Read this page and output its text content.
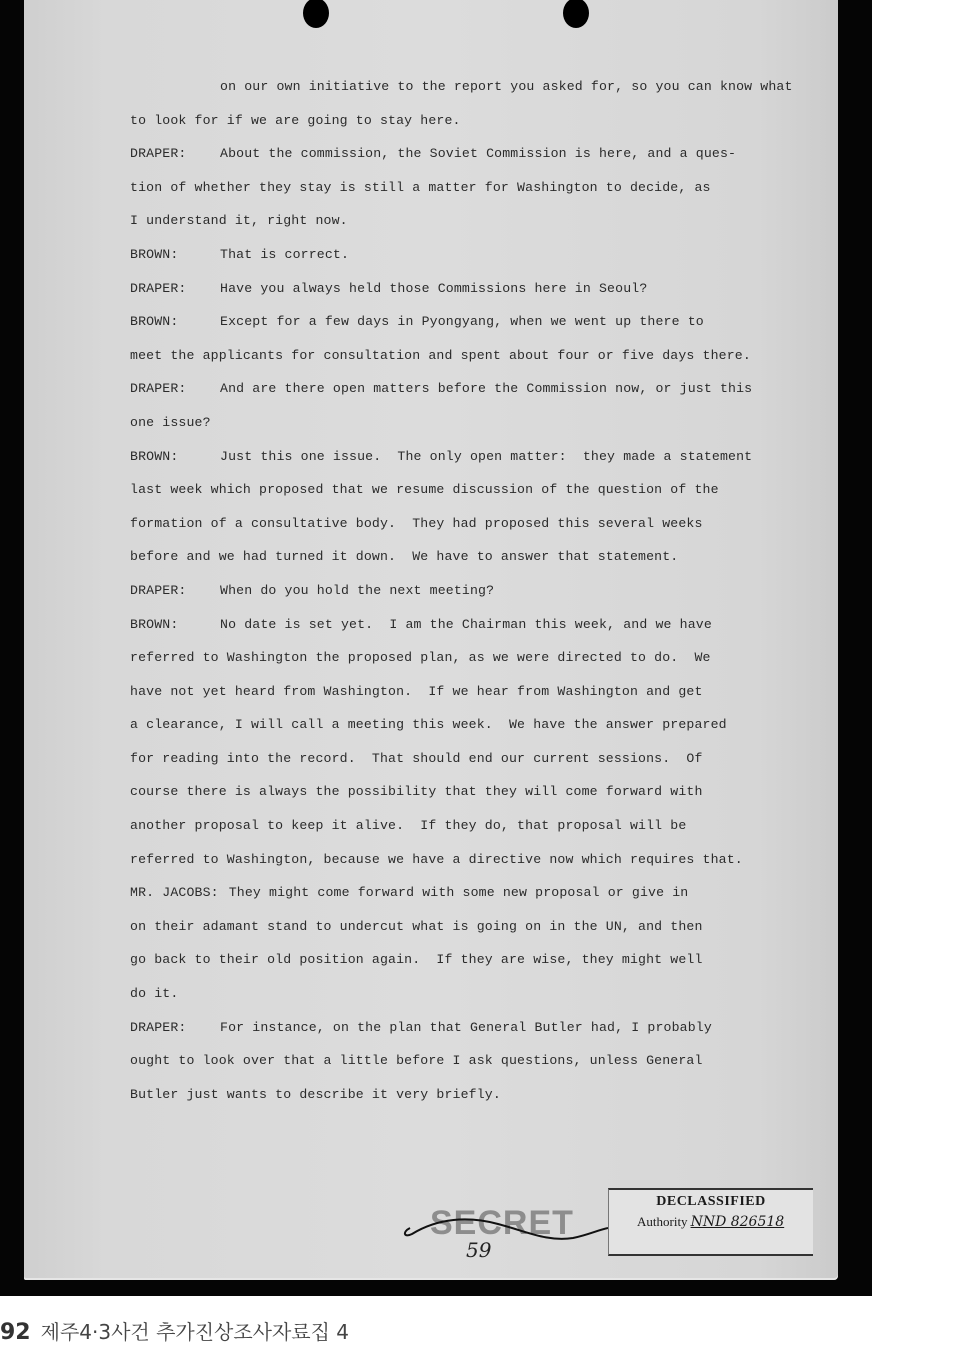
on our own initiative to the report you asked for, so you can know what
to look for if we are going to stay here.
DRAPER:	About the commission, the Soviet Commission is here, and a ques-
tion of whether they stay is still a matter for Washington to decide, as
I understand it, right now.
BROWN:	That is correct.
DRAPER:	Have you always held those Commissions here in Seoul?
BROWN:	Except for a few days in Pyongyang, when we went up there to
meet the applicants for consultation and spent about four or five days there.
DRAPER:	And are there open matters before the Commission now, or just this
one issue?
BROWN:	Just this one issue.  The only open matter:  they made a statement
last week which proposed that we resume discussion of the question of the
formation of a consultative body.  They had proposed this several weeks
before and we had turned it down.  We have to answer that statement.
DRAPER:	When do you hold the next meeting?
BROWN:	No date is set yet.  I am the Chairman this week, and we have
referred to Washington the proposed plan, as we were directed to do.  We
have not yet heard from Washington.  If we hear from Washington and get
a clearance, I will call a meeting this week.  We have the answer prepared
for reading into the record.  That should end our current sessions.  Of
course there is always the possibility that they will come forward with
another proposal to keep it alive.  If they do, that proposal will be
referred to Washington, because we have a directive now which requires that.
MR. JACOBS: They might come forward with some new proposal or give in
on their adamant stand to undercut what is going on in the UN, and then
go back to their old position again.  If they are wise, they might well
do it.
DRAPER:	For instance, on the plan that General Butler had, I probably
ought to look over that a little before I ask questions, unless General
Butler just wants to describe it very briefly.
SECRET
59
DECLASSIFIED
Authority NND 826518
92 제주4·3사건 추가진상조사자료집 4
